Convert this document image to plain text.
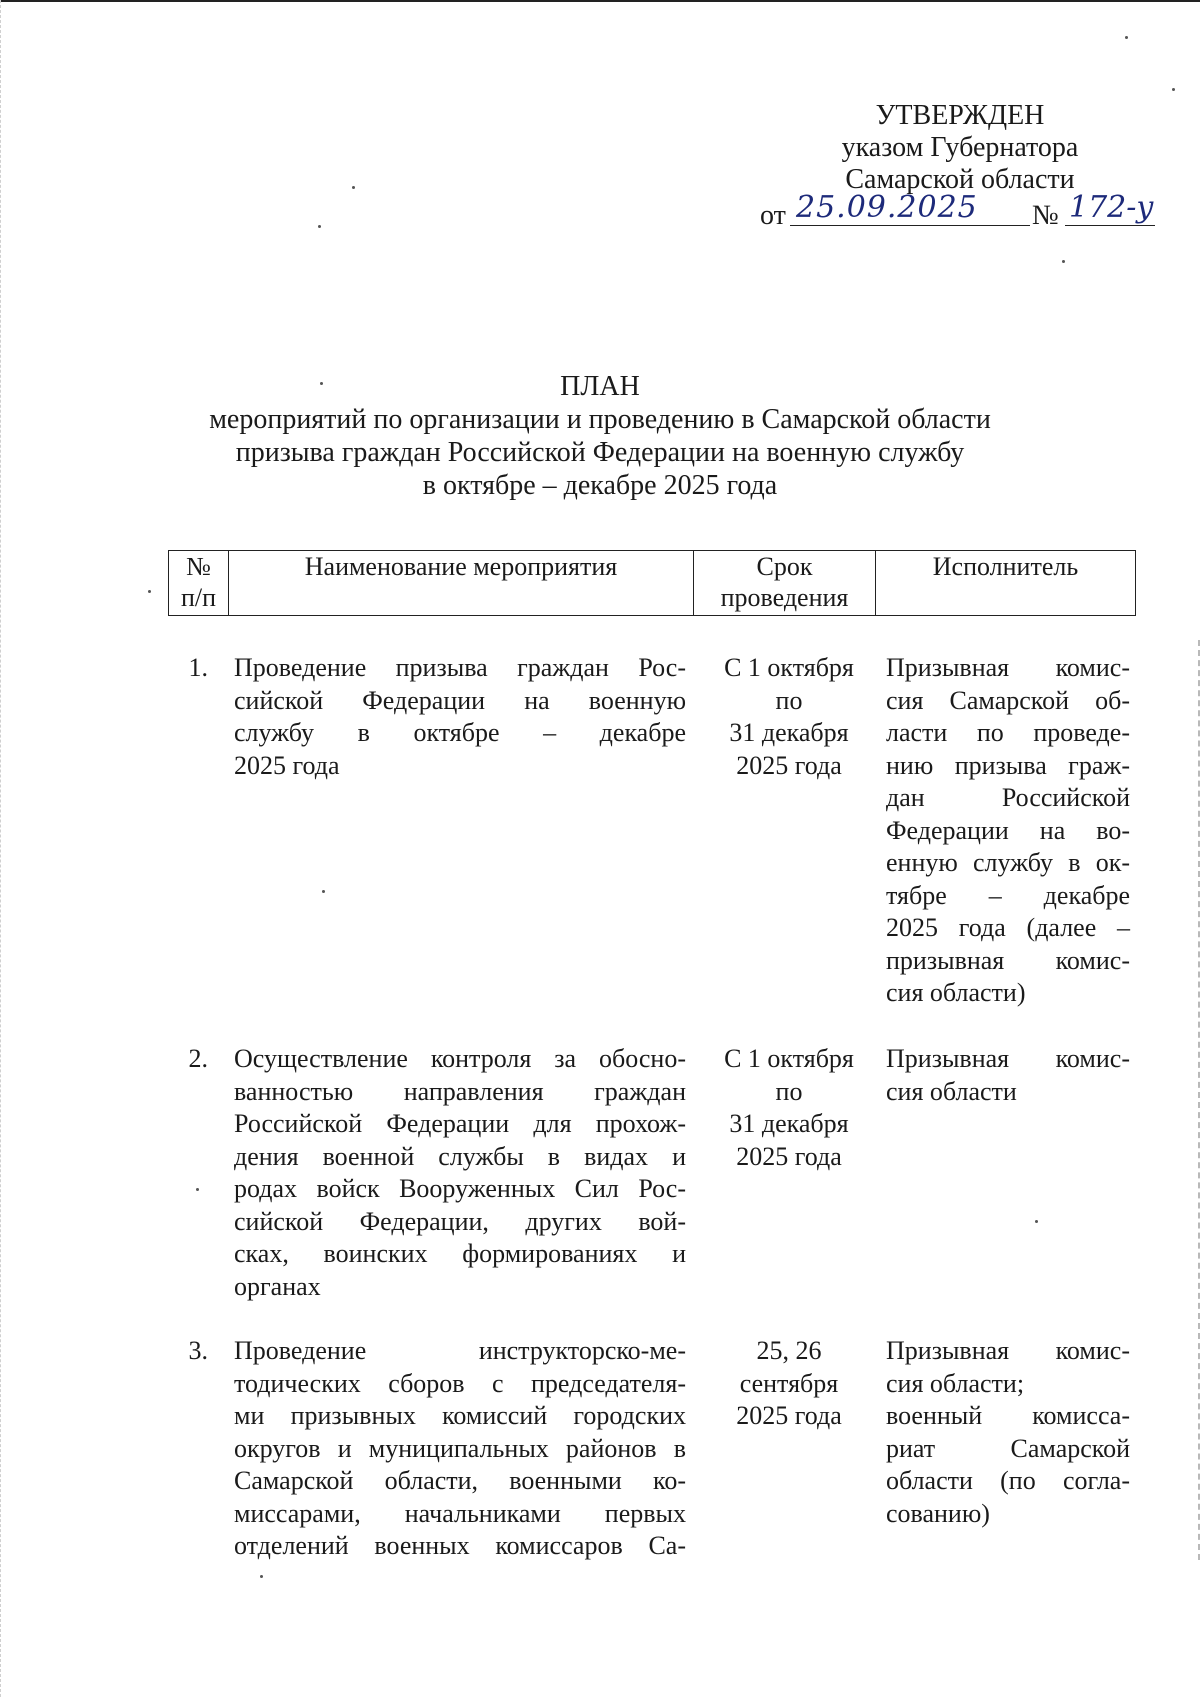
УТВЕРЖДЕН
указом Губернатора
Самарской области
от 25.09.2025	№ 172-у
ПЛАН
мероприятий по организации и проведению в Самарской области
призыва граждан Российской Федерации на военную службу
в октябре – декабре 2025 года
№
п/п
Наименование мероприятия	Срок
проведения
Исполнитель
1. Проведение призыва граждан Рос-
сийской Федерации на военную
службу в октябре – декабре
2025 года
С 1 октября
по
31 декабря
2025 года
Призывная комис-
сия Самарской об-
ласти по проведе-
нию призыва граж-
дан Российской
Федерации на во-
енную службу в ок-
тябре – декабре
2025 года (далее –
призывная комис-
сия области)
2. Осуществление контроля за обосно-
ванностью направления граждан
Российской Федерации для прохож-
дения военной службы в видах и
родах войск Вооруженных Сил Рос-
сийской Федерации, других вой-
сках, воинских формированиях и
органах
С 1 октября
по
31 декабря
2025 года
Призывная комис-
сия области
3. Проведение инструкторско-ме-
тодических сборов с председателя-
ми призывных комиссий городских
округов и муниципальных районов в
Самарской области, военными ко-
миссарами, начальниками первых
отделений военных комиссаров Са-
25, 26
сентября
2025 года
Призывная комис-
сия области;
военный комисса-
риат Самарской
области (по согла-
сованию)
